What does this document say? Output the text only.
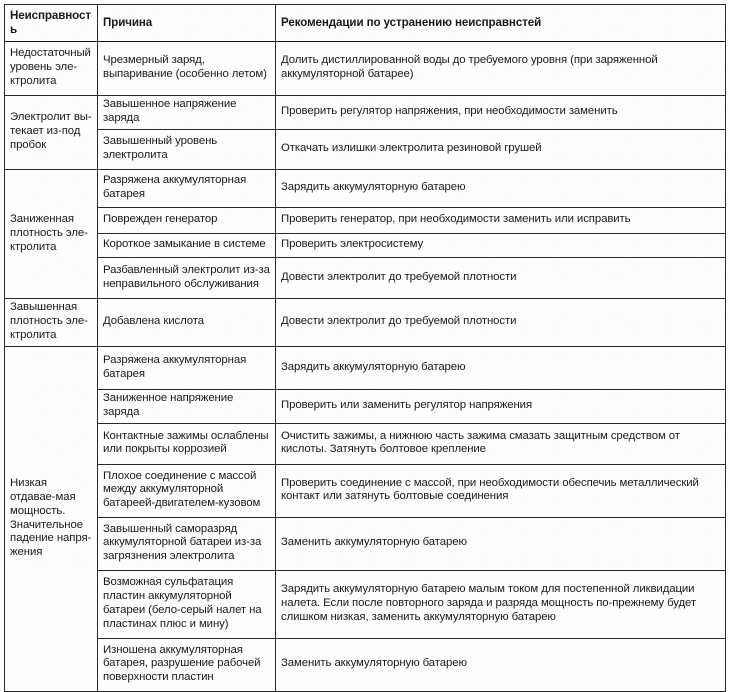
Неисправность	Причина	Рекомендации по устранению неисправнстей
Недостаточный уровень эле-ктролита	Чрезмерный заряд, выпаривание (особенно летом)	Долить дистиллированной воды до требуемого уровня (при заряженной аккумуляторной батарее)
Электролит вы-текает из-под пробок	Завышенное напряжение заряда	Проверить регулятор напряжения, при необходимости заменить
	Завышенный уровень электролита	Откачать излишки электролита резиновой грушей
Заниженная плотность эле-ктролита	Разряжена аккумуляторная батарея	Зарядить аккумуляторную батарею
	Поврежден генератор	Проверить генератор, при необходимости заменить или исправить
	Короткое замыкание в системе	Проверить электросистему
	Разбавленный электролит из-за неправильного обслуживания	Довести электролит до требуемой плотности
Завышенная плотность эле-ктролита	Добавлена кислота	Довести электролит до требуемой плотности
Низкая отдавае-мая мощность. Значительное падение напря-жения	Разряжена аккумуляторная батарея	Зарядить аккумуляторную батарею
	Заниженное напряжение заряда	Проверить или заменить регулятор напряжения
	Контактные зажимы ослаблены или покрыты коррозией	Очистить зажимы, а нижнюю часть зажима смазать защитным средством от кислоты. Затянуть болтовое крепление
	Плохое соединение с массой между аккумуляторной батареей-двигателем-кузовом	Проверить соединение с массой, при необходимости обеспечиь металлический контакт или затянуть болтовые соединения
	Завышенный саморазряд аккумуляторной батареи из-за загрязнения электролита	Заменить аккумуляторную батарею
	Возможная сульфатация пластин аккумуляторной батареи (бело-серый налет на пластинах плюс и мину)	Зарядить аккумуляторную батарею малым током для постепенной ликвидации налета. Если после повторного заряда и разряда мощность по-прежнему будет слишком низкая, заменить аккумуляторную батарею
	Изношена аккумуляторная батарея, разрушение рабочей поверхности пластин	Заменить аккумуляторную батарею
